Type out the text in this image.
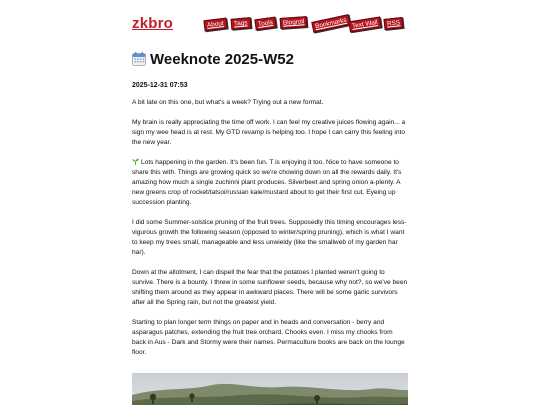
zkbro	About	Tags	Tools	Blogroll	Bookmarks Text Wall	RSS
Weeknote 2025-W52

2025-12-31 07:53

A bit late on this one, but what's a week? Trying out a new format.

My brain is really appreciating the time off work. I can feel my creative juices flowing again... a sign my wee head is at rest. My GTD revamp is helping too. I hope I can carry this feeling into the new year.

Lots happening in the garden. It's been fun. T is enjoying it too. Nice to have someone to share this with. Things are growing quick so we're chowing down on all the rewards daily. It's amazing how much a single zuchinni plant produces. Silverbeet and spring onion a-plenty. A new greens crop of rocket/tatsoi/russian kale/mustard about to get their first cut. Eyeing up succession planting.

I did some Summer-solstice pruning of the fruit trees. Supposedly this timing encourages less-vigurous growth the following season (opposed to winter/spring pruning), which is what I want to keep my trees small, manageable and less unwieldy (like the smallweb of my garden har har).

Down at the allotment, I can dispell the fear that the potatoes I planted weren't going to survive. There is a bounty. I threw in some sunflower seeds, because why not?, so we've been shifting them around as they appear in awkward places. There will be some garlic survivors after all the Spring rain, but not the greatest yield.

Starting to plan longer term things on paper and in heads and conversation - berry and asparagus patches, extending the fruit tree orchard. Chooks even. I miss my chooks from back in Aus - Dark and Stormy were their names. Permaculture books are back on the lounge floor.
